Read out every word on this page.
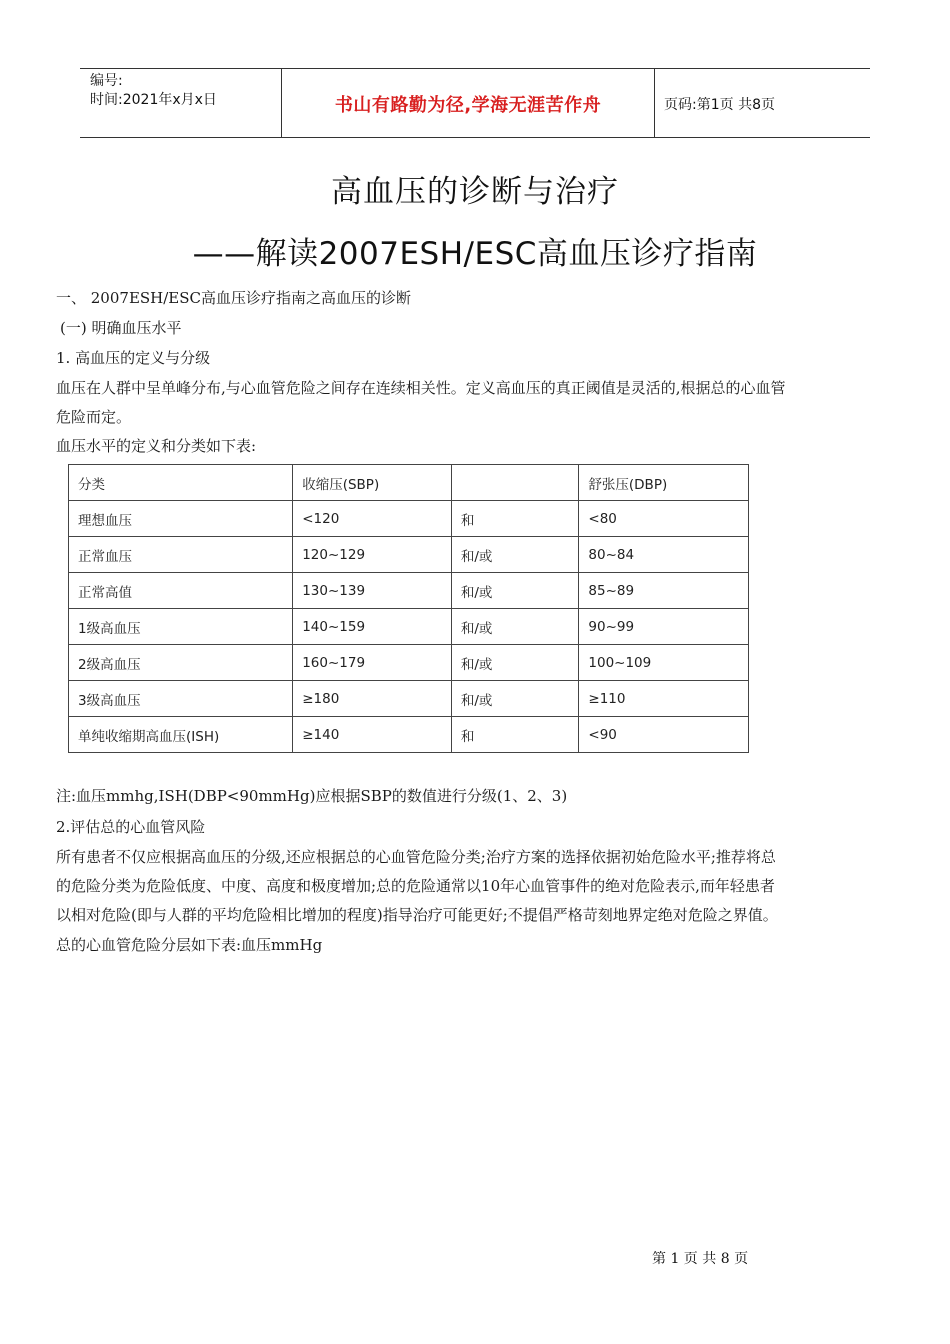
编号:
时间:2021年x月x日	书山有路勤为径,学海无涯苦作舟	页码:第1页 共8页
高血压的诊断与治疗
——解读2007ESH/ESC高血压诊疗指南
一、 2007ESH/ESC高血压诊疗指南之高血压的诊断
(一) 明确血压水平
1. 高血压的定义与分级
血压在人群中呈单峰分布,与心血管危险之间存在连续相关性。定义高血压的真正阈值是灵活的,根据总的心血管
危险而定。
血压水平的定义和分类如下表:
分类	收缩压(SBP)		舒张压(DBP)
理想血压	<120	和	<80
正常血压	120~129	和/或	80~84
正常高值	130~139	和/或	85~89
1级高血压	140~159	和/或	90~99
2级高血压	160~179	和/或	100~109
3级高血压	≥180	和/或	≥110
单纯收缩期高血压(ISH)	≥140	和	<90
注:血压mmhg,ISH(DBP<90mmHg)应根据SBP的数值进行分级(1、2、3)
2.评估总的心血管风险
所有患者不仅应根据高血压的分级,还应根据总的心血管危险分类;治疗方案的选择依据初始危险水平;推荐将总
的危险分类为危险低度、中度、高度和极度增加;总的危险通常以10年心血管事件的绝对危险表示,而年轻患者
以相对危险(即与人群的平均危险相比增加的程度)指导治疗可能更好;不提倡严格苛刻地界定绝对危险之界值。
总的心血管危险分层如下表:血压mmHg
第 1 页 共 8 页
